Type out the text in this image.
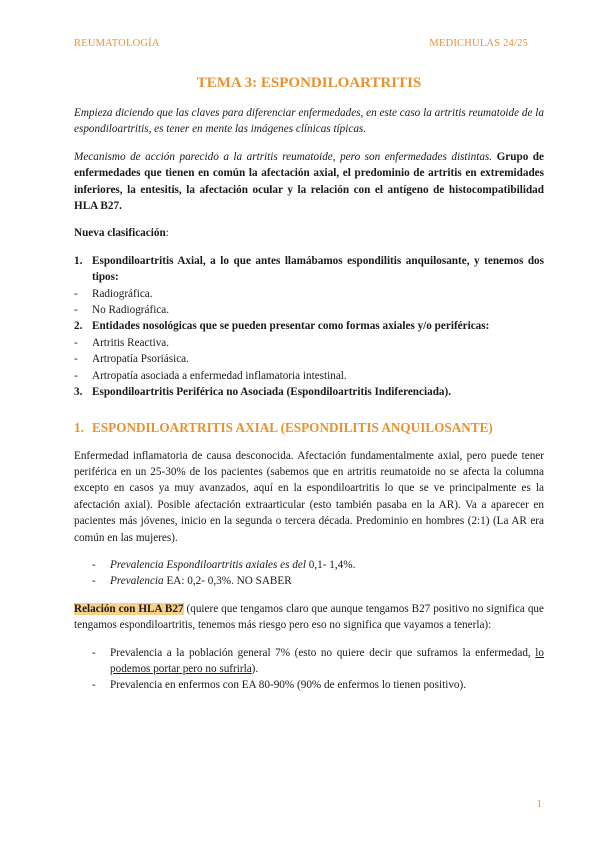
REUMATOLOGÍA	MEDICHULAS 24/25
TEMA 3: ESPONDILOARTRITIS

Empieza diciendo que las claves para diferenciar enfermedades, en este caso la artritis reumatoide de la espondiloartritis, es tener en mente las imágenes clínicas típicas.

Mecanismo de acción parecido a la artritis reumatoide, pero son enfermedades distintas. Grupo de enfermedades que tienen en común la afectación axial, el predominio de artritis en extremidades inferiores, la entesitis, la afectación ocular y la relación con el antígeno de histocompatibilidad HLA B27.

Nueva clasificación:

1. Espondiloartritis Axial, a lo que antes llamábamos espondilitis anquilosante, y tenemos dos tipos:
- Radiográfica.
- No Radiográfica.
2. Entidades nosológicas que se pueden presentar como formas axiales y/o periféricas:
- Artritis Reactiva.
- Artropatía Psoriásica.
- Artropatía asociada a enfermedad inflamatoria intestinal.
3. Espondiloartritis Periférica no Asociada (Espondiloartritis Indiferenciada).
1. ESPONDILOARTRITIS AXIAL (ESPONDILITIS ANQUILOSANTE)

Enfermedad inflamatoria de causa desconocida. Afectación fundamentalmente axial, pero puede tener periférica en un 25-30% de los pacientes (sabemos que en artritis reumatoide no se afecta la columna excepto en casos ya muy avanzados, aquí en la espondiloartritis lo que se ve principalmente es la afectación axial). Posible afectación extraarticular (esto también pasaba en la AR). Va a aparecer en pacientes más jóvenes, inicio en la segunda o tercera década. Predominio en hombres (2:1) (La AR era común en las mujeres).

- Prevalencia Espondiloartritis axiales es del 0,1- 1,4%.
- Prevalencia EA: 0,2- 0,3%. NO SABER

Relación con HLA B27 (quiere que tengamos claro que aunque tengamos B27 positivo no significa que tengamos espondiloartritis, tenemos más riesgo pero eso no significa que vayamos a tenerla):

- Prevalencia a la población general 7% (esto no quiere decir que suframos la enfermedad, lo podemos portar pero no sufrirla).
- Prevalencia en enfermos con EA 80-90% (90% de enfermos lo tienen positivo).
1
